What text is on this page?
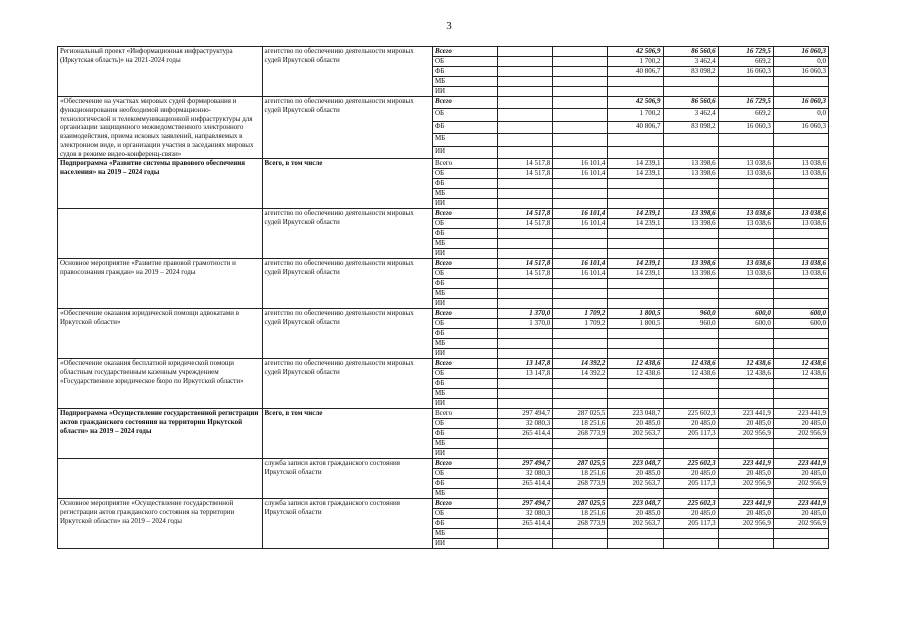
3
Региональный проект «Информационная инфраструктура (Иркутская область)» на 2021-2024 годы	агентство по обеспечению деятельности мировых судей Иркутской области	Всего			42 506,9	86 560,6	16 729,5	16 060,3
		ОБ			1 700,2	3 462,4	669,2	0,0
		ФБ			40 806,7	83 098,2	16 060,3	16 060,3
		МБ						
		ИИ						
«Обеспечение на участках мировых судей формирования и функционирования необходимой информационно-технологической и телекоммуникационной инфраструктуры для организации защищенного межведомственного электронного взаимодействия, приема исковых заявлений, направляемых в электронном виде, и организации участия в заседаниях мировых судов в режиме видео-конференц-связи»	агентство по обеспечению деятельности мировых судей Иркутской области	Всего			42 506,9	86 560,6	16 729,5	16 060,3
		ОБ			1 700,2	3 462,4	669,2	0,0
		ФБ			40 806,7	83 098,2	16 060,3	16 060,3
		МБ						
		ИИ						
Подпрограмма «Развитие системы правового обеспечения населения» на 2019 – 2024 годы	Всего, в том числе	Всего	14 517,8	16 101,4	14 239,1	13 398,6	13 038,6	13 038,6
		ОБ	14 517,8	16 101,4	14 239,1	13 398,6	13 038,6	13 038,6
		ФБ						
		МБ						
		ИИ						
	агентство по обеспечению деятельности мировых судей Иркутской области	Всего	14 517,8	16 101,4	14 239,1	13 398,6	13 038,6	13 038,6
		ОБ	14 517,8	16 101,4	14 239,1	13 398,6	13 038,6	13 038,6
		ФБ						
		МБ						
		ИИ						
Основное мероприятие «Развитие правовой грамотности и правосознания граждан» на 2019 – 2024 годы	агентство по обеспечению деятельности мировых судей Иркутской области	Всего	14 517,8	16 101,4	14 239,1	13 398,6	13 038,6	13 038,6
		ОБ	14 517,8	16 101,4	14 239,1	13 398,6	13 038,6	13 038,6
		ФБ						
		МБ						
		ИИ						
«Обеспечение оказания юридической помощи адвокатами в Иркутской области»	агентство по обеспечению деятельности мировых судей Иркутской области	Всего	1 370,0	1 709,2	1 800,5	960,0	600,0	600,0
		ОБ	1 370,0	1 709,2	1 800,5	960,0	600,0	600,0
		ФБ						
		МБ						
		ИИ						
«Обеспечение оказания бесплатной юридической помощи областным государственным казенным учреждением «Государственное юридическое бюро по Иркутской области»	агентство по обеспечению деятельности мировых судей Иркутской области	Всего	13 147,8	14 392,2	12 438,6	12 438,6	12 438,6	12 438,6
		ОБ	13 147,8	14 392,2	12 438,6	12 438,6	12 438,6	12 438,6
		ФБ						
		МБ						
		ИИ						
Подпрограмма «Осуществление государственной регистрации актов гражданского состояния на территории Иркутской области» на 2019 – 2024 годы	Всего, в том числе	Всего	297 494,7	287 025,5	223 048,7	225 602,3	223 441,9	223 441,9
		ОБ	32 080,3	18 251,6	20 485,0	20 485,0	20 485,0	20 485,0
		ФБ	265 414,4	268 773,9	202 563,7	205 117,3	202 956,9	202 956,9
		МБ						
		ИИ						
	служба записи актов гражданского состояния Иркутской области	Всего	297 494,7	287 025,5	223 048,7	225 602,3	223 441,9	223 441,9
		ОБ	32 080,3	18 251,6	20 485,0	20 485,0	20 485,0	20 485,0
		ФБ	265 414,4	268 773,9	202 563,7	205 117,3	202 956,9	202 956,9
		МБ						
Основное мероприятие «Осуществление государственной регистрации актов гражданского состояния на территории Иркутской области» на 2019 – 2024 годы	служба записи актов гражданского состояния Иркутской области	Всего	297 494,7	287 025,5	223 048,7	225 602,3	223 441,9	223 441,9
		ОБ	32 080,3	18 251,6	20 485,0	20 485,0	20 485,0	20 485,0
		ФБ	265 414,4	268 773,9	202 563,7	205 117,3	202 956,9	202 956,9
		МБ						
		ИИ						
